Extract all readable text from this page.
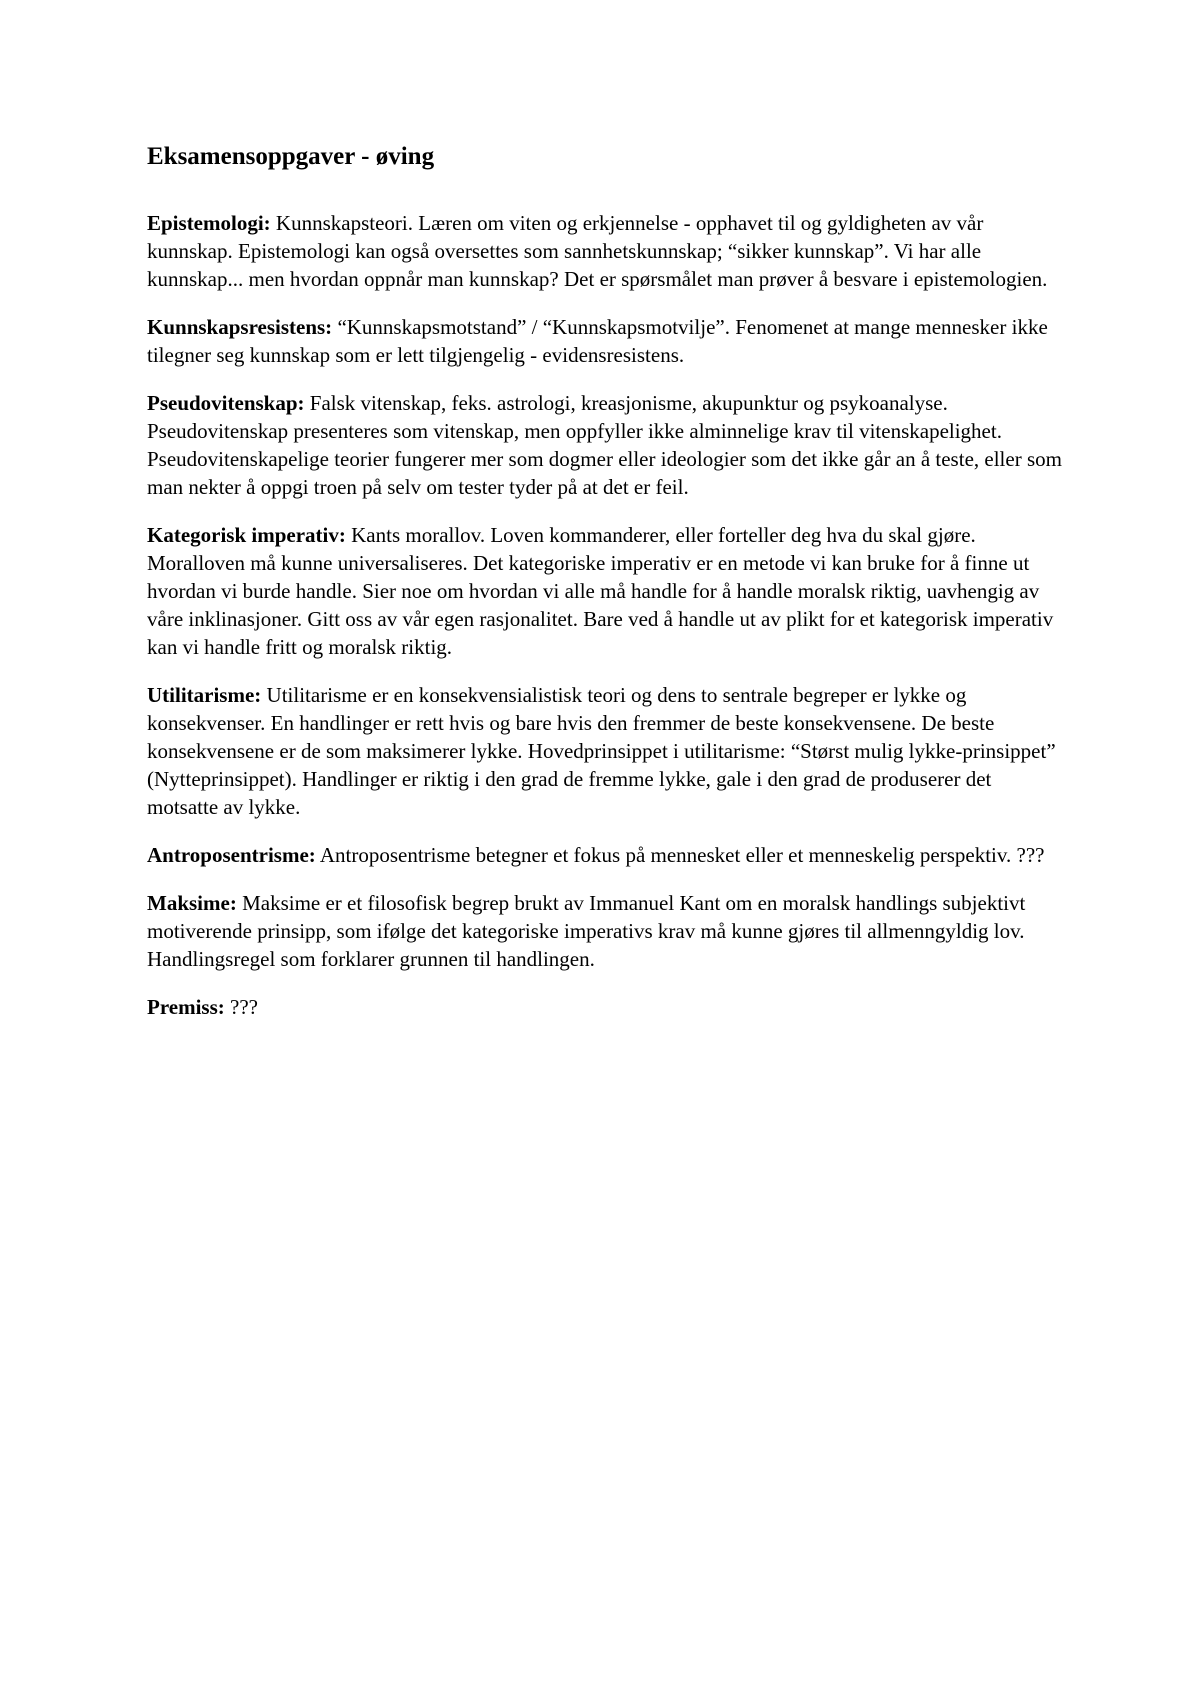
Eksamensoppgaver - øving

Epistemologi: Kunnskapsteori. Læren om viten og erkjennelse - opphavet til og gyldigheten av vår kunnskap. Epistemologi kan også oversettes som sannhetskunnskap; “sikker kunnskap”. Vi har alle kunnskap... men hvordan oppnår man kunnskap? Det er spørsmålet man prøver å besvare i epistemologien.

Kunnskapsresistens: “Kunnskapsmotstand” / “Kunnskapsmotvilje”. Fenomenet at mange mennesker ikke tilegner seg kunnskap som er lett tilgjengelig - evidensresistens.

Pseudovitenskap: Falsk vitenskap, feks. astrologi, kreasjonisme, akupunktur og psykoanalyse. Pseudovitenskap presenteres som vitenskap, men oppfyller ikke alminnelige krav til vitenskapelighet. Pseudovitenskapelige teorier fungerer mer som dogmer eller ideologier som det ikke går an å teste, eller som man nekter å oppgi troen på selv om tester tyder på at det er feil.

Kategorisk imperativ: Kants morallov. Loven kommanderer, eller forteller deg hva du skal gjøre. Moralloven må kunne universaliseres. Det kategoriske imperativ er en metode vi kan bruke for å finne ut hvordan vi burde handle. Sier noe om hvordan vi alle må handle for å handle moralsk riktig, uavhengig av våre inklinasjoner. Gitt oss av vår egen rasjonalitet. Bare ved å handle ut av plikt for et kategorisk imperativ kan vi handle fritt og moralsk riktig.

Utilitarisme: Utilitarisme er en konsekvensialistisk teori og dens to sentrale begreper er lykke og konsekvenser. En handlinger er rett hvis og bare hvis den fremmer de beste konsekvensene. De beste konsekvensene er de som maksimerer lykke. Hovedprinsippet i utilitarisme: “Størst mulig lykke-prinsippet” (Nytteprinsippet). Handlinger er riktig i den grad de fremme lykke, gale i den grad de produserer det motsatte av lykke.

Antroposentrisme: Antroposentrisme betegner et fokus på mennesket eller et menneskelig perspektiv. ???

Maksime: Maksime er et filosofisk begrep brukt av Immanuel Kant om en moralsk handlings subjektivt motiverende prinsipp, som ifølge det kategoriske imperativs krav må kunne gjøres til allmenngyldig lov. Handlingsregel som forklarer grunnen til handlingen.

Premiss: ???
